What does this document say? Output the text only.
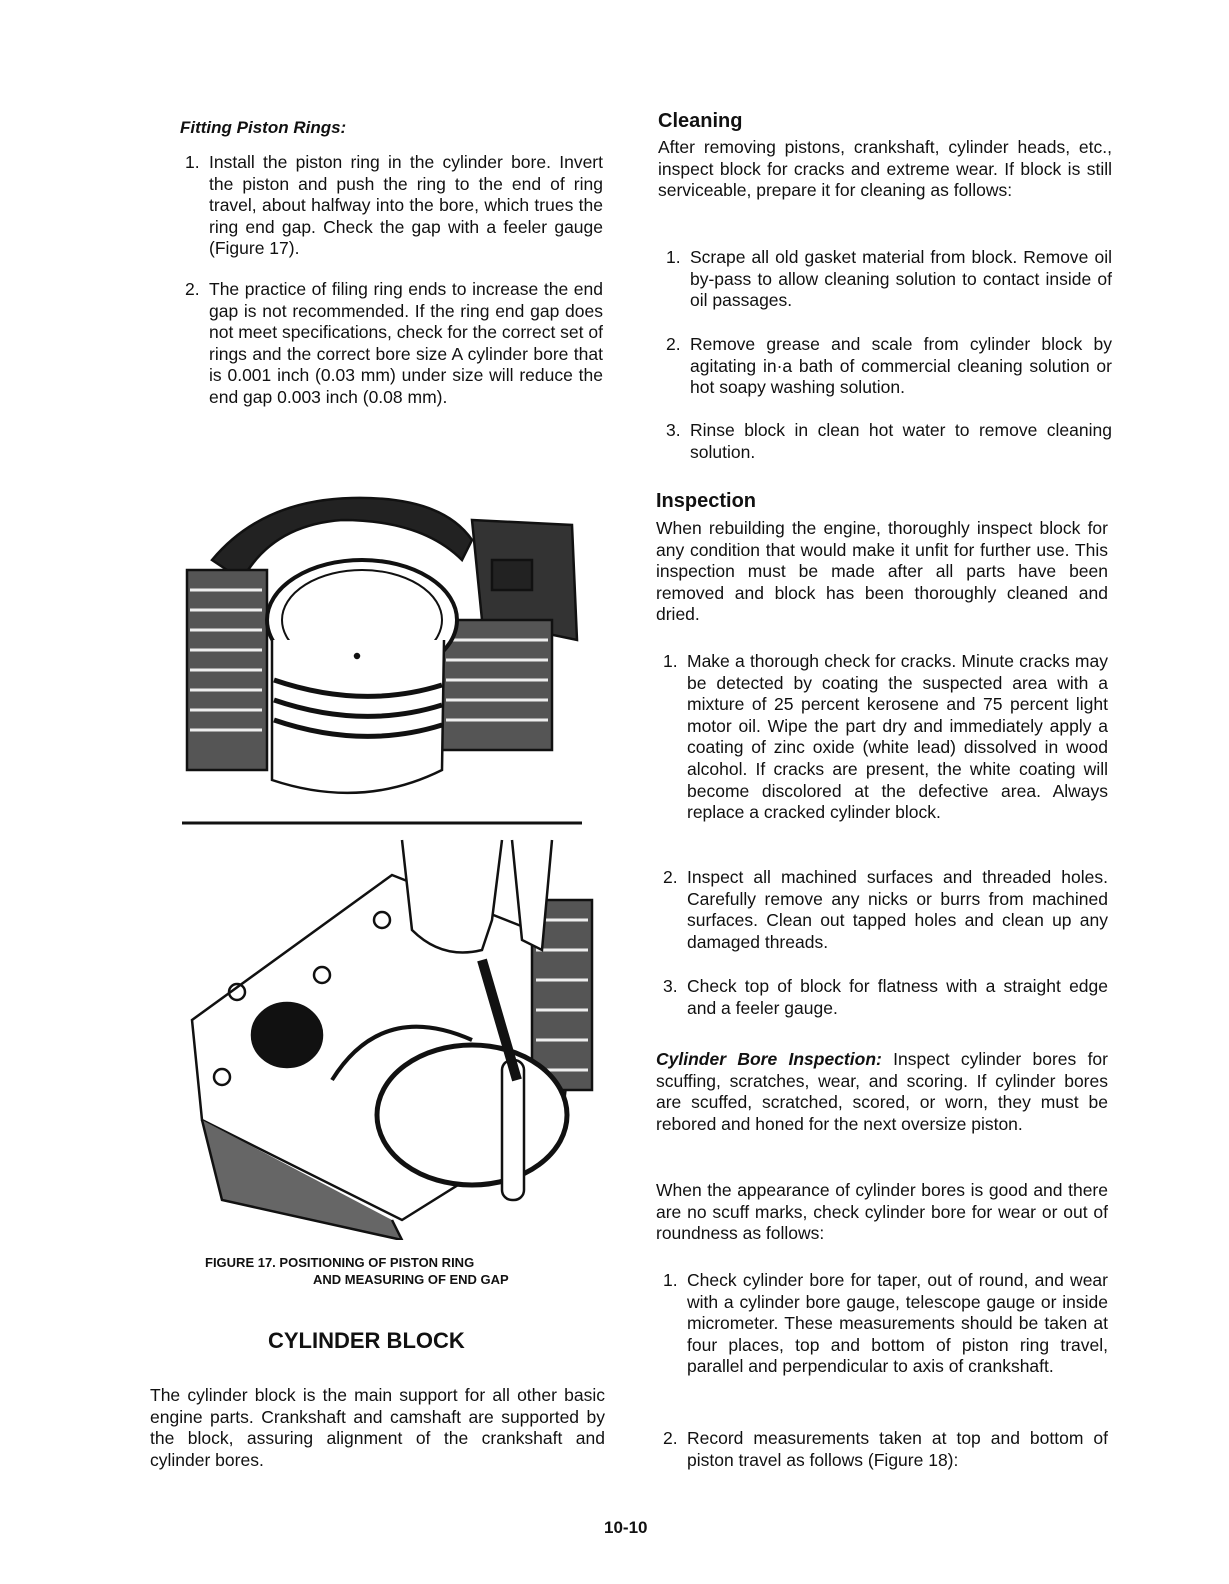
Fitting Piston Rings:
1. Install the piston ring in the cylinder bore. Invert the piston and push the ring to the end of ring travel, about halfway into the bore, which trues the ring end gap. Check the gap with a feeler gauge (Figure 17).
2. The practice of filing ring ends to increase the end gap is not recommended. If the ring end gap does not meet specifications, check for the correct set of rings and the correct bore size A cylinder bore that is 0.001 inch (0.03 mm) under size will reduce the end gap 0.003 inch (0.08 mm).
FIGURE 17. POSITIONING OF PISTON RING
AND MEASURING OF END GAP
CYLINDER BLOCK

The cylinder block is the main support for all other basic engine parts. Crankshaft and camshaft are supported by the block, assuring alignment of the crankshaft and cylinder bores.

Cleaning

After removing pistons, crankshaft, cylinder heads, etc., inspect block for cracks and extreme wear. If block is still serviceable, prepare it for cleaning as follows:

1. Scrape all old gasket material from block. Remove oil by-pass to allow cleaning solution to contact inside of oil passages.
2. Remove grease and scale from cylinder block by agitating in·a bath of commercial cleaning solution or hot soapy washing solution.
3. Rinse block in clean hot water to remove cleaning solution.
Inspection

When rebuilding the engine, thoroughly inspect block for any condition that would make it unfit for further use. This inspection must be made after all parts have been removed and block has been thoroughly cleaned and dried.

1. Make a thorough check for cracks. Minute cracks may be detected by coating the suspected area with a mixture of 25 percent kerosene and 75 percent light motor oil. Wipe the part dry and immediately apply a coating of zinc oxide (white lead) dissolved in wood alcohol. If cracks are present, the white coating will become discolored at the defective area. Always replace a cracked cylinder block.
2. Inspect all machined surfaces and threaded holes. Carefully remove any nicks or burrs from machined surfaces. Clean out tapped holes and clean up any damaged threads.
3. Check top of block for flatness with a straight edge and a feeler gauge.

Cylinder Bore Inspection: Inspect cylinder bores for scuffing, scratches, wear, and scoring. If cylinder bores are scuffed, scratched, scored, or worn, they must be rebored and honed for the next oversize piston.

When the appearance of cylinder bores is good and there are no scuff marks, check cylinder bore for wear or out of roundness as follows:

1. Check cylinder bore for taper, out of round, and wear with a cylinder bore gauge, telescope gauge or inside micrometer. These measurements should be taken at four places, top and bottom of piston ring travel, parallel and perpendicular to axis of crankshaft.
2. Record measurements taken at top and bottom of piston travel as follows (Figure 18):
10-10
